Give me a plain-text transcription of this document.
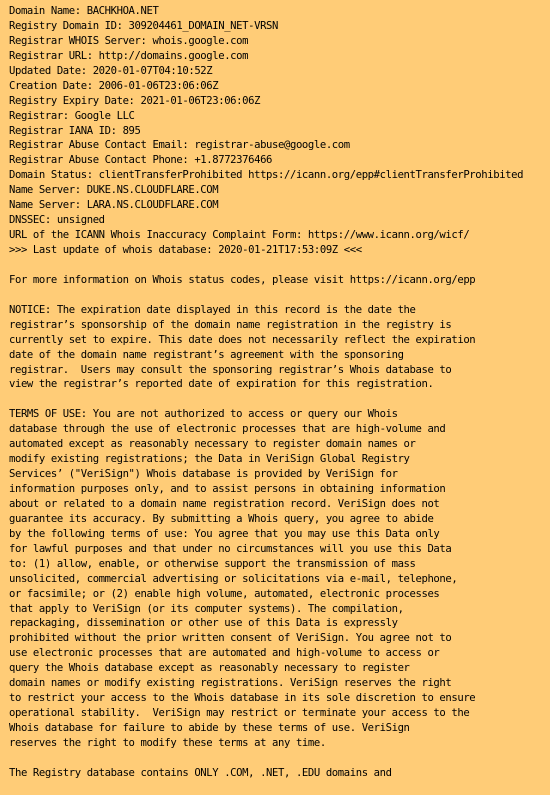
Domain Name: BACHKHOA.NET
Registry Domain ID: 309204461_DOMAIN_NET-VRSN
Registrar WHOIS Server: whois.google.com
Registrar URL: http://domains.google.com
Updated Date: 2020-01-07T04:10:52Z
Creation Date: 2006-01-06T23:06:06Z
Registry Expiry Date: 2021-01-06T23:06:06Z
Registrar: Google LLC
Registrar IANA ID: 895
Registrar Abuse Contact Email: registrar-abuse@google.com
Registrar Abuse Contact Phone: +1.8772376466
Domain Status: clientTransferProhibited https://icann.org/epp#clientTransferProhibited
Name Server: DUKE.NS.CLOUDFLARE.COM
Name Server: LARA.NS.CLOUDFLARE.COM
DNSSEC: unsigned
URL of the ICANN Whois Inaccuracy Complaint Form: https://www.icann.org/wicf/
>>> Last update of whois database: 2020-01-21T17:53:09Z <<<
For more information on Whois status codes, please visit https://icann.org/epp
NOTICE: The expiration date displayed in this record is the date the
registrar’s sponsorship of the domain name registration in the registry is
currently set to expire. This date does not necessarily reflect the expiration
date of the domain name registrant’s agreement with the sponsoring
registrar.  Users may consult the sponsoring registrar’s Whois database to
view the registrar’s reported date of expiration for this registration.
TERMS OF USE: You are not authorized to access or query our Whois
database through the use of electronic processes that are high-volume and
automated except as reasonably necessary to register domain names or
modify existing registrations; the Data in VeriSign Global Registry
Services’ ("VeriSign") Whois database is provided by VeriSign for
information purposes only, and to assist persons in obtaining information
about or related to a domain name registration record. VeriSign does not
guarantee its accuracy. By submitting a Whois query, you agree to abide
by the following terms of use: You agree that you may use this Data only
for lawful purposes and that under no circumstances will you use this Data
to: (1) allow, enable, or otherwise support the transmission of mass
unsolicited, commercial advertising or solicitations via e-mail, telephone,
or facsimile; or (2) enable high volume, automated, electronic processes
that apply to VeriSign (or its computer systems). The compilation,
repackaging, dissemination or other use of this Data is expressly
prohibited without the prior written consent of VeriSign. You agree not to
use electronic processes that are automated and high-volume to access or
query the Whois database except as reasonably necessary to register
domain names or modify existing registrations. VeriSign reserves the right
to restrict your access to the Whois database in its sole discretion to ensure
operational stability.  VeriSign may restrict or terminate your access to the
Whois database for failure to abide by these terms of use. VeriSign
reserves the right to modify these terms at any time.
The Registry database contains ONLY .COM, .NET, .EDU domains and
